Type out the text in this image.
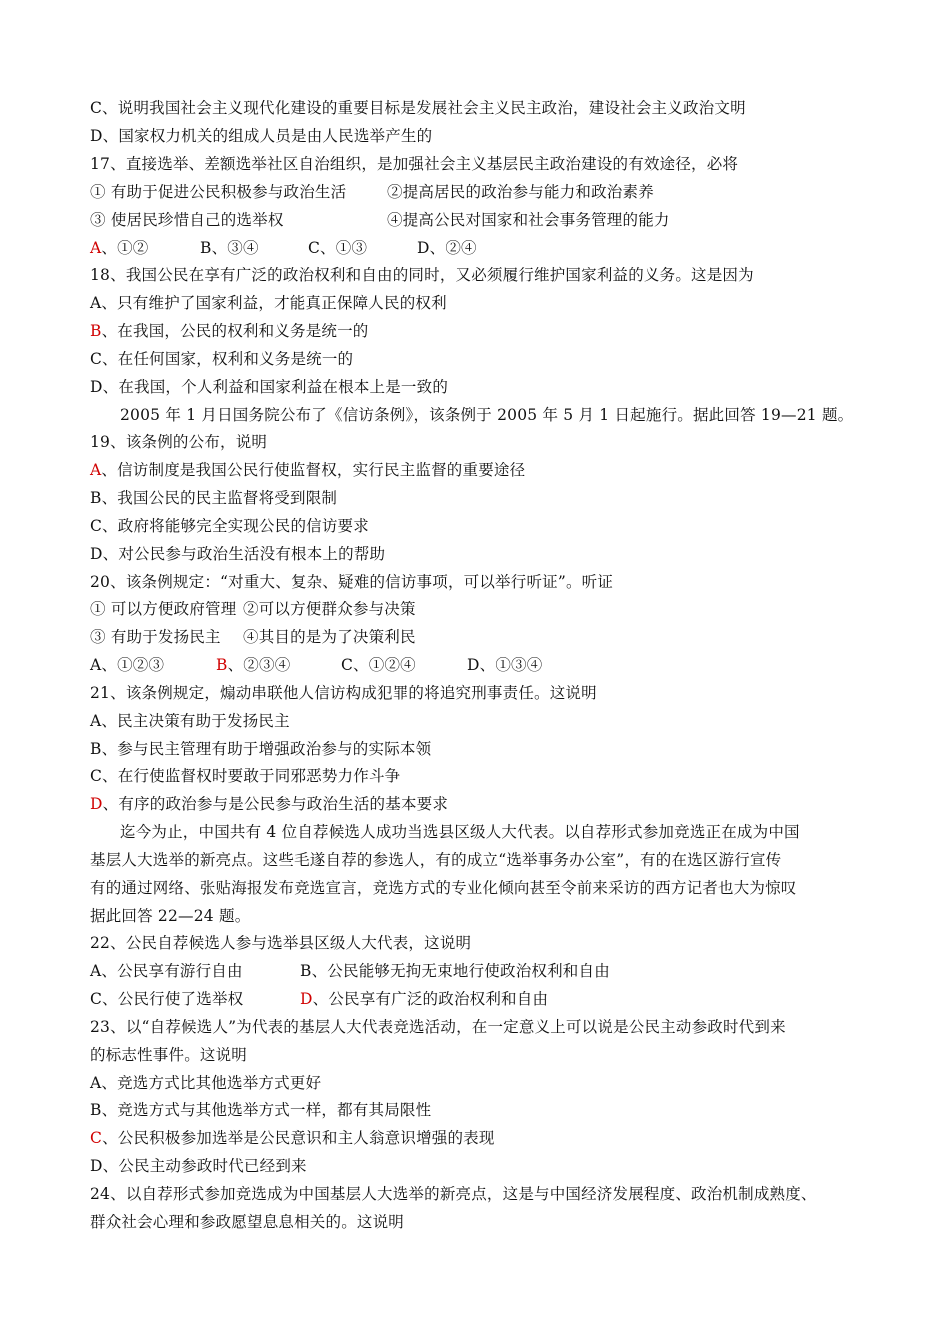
C、说明我国社会主义现代化建设的重要目标是发展社会主义民主政治，建设社会主义政治文明
D、国家权力机关的组成人员是由人民选举产生的
17、直接选举、差额选举社区自治组织，是加强社会主义基层民主政治建设的有效途径，必将
① 有助于促进公民积极参与政治生活	②提高居民的政治参与能力和政治素养
③ 使居民珍惜自己的选举权	④提高公民对国家和社会事务管理的能力
A、①②	B、③④	C、①③	D、②④
18、我国公民在享有广泛的政治权利和自由的同时，又必须履行维护国家利益的义务。这是因为
A、只有维护了国家利益，才能真正保障人民的权利
B、在我国，公民的权利和义务是统一的
C、在任何国家，权利和义务是统一的
D、在我国，个人利益和国家利益在根本上是一致的
2005 年 1 月日国务院公布了《信访条例》，该条例于 2005 年 5 月 1 日起施行。据此回答 19—21 题。
19、该条例的公布，说明
A、信访制度是我国公民行使监督权，实行民主监督的重要途径
B、我国公民的民主监督将受到限制
C、政府将能够完全实现公民的信访要求
D、对公民参与政治生活没有根本上的帮助
20、该条例规定：“对重大、复杂、疑难的信访事项，可以举行听证”。听证
① 可以方便政府管理 ②可以方便群众参与决策
③ 有助于发扬民主 ④其目的是为了决策利民
A、①②③	B、②③④	C、①②④	D、①③④
21、该条例规定，煽动串联他人信访构成犯罪的将追究刑事责任。这说明
A、民主决策有助于发扬民主
B、参与民主管理有助于增强政治参与的实际本领
C、在行使监督权时要敢于同邪恶势力作斗争
D、有序的政治参与是公民参与政治生活的基本要求
迄今为止，中国共有 4 位自荐候选人成功当选县区级人大代表。以自荐形式参加竞选正在成为中国
基层人大选举的新亮点。这些毛遂自荐的参选人，有的成立“选举事务办公室”，有的在选区游行宣传
有的通过网络、张贴海报发布竞选宣言，竞选方式的专业化倾向甚至令前来采访的西方记者也大为惊叹
据此回答 22—24 题。
22、公民自荐候选人参与选举县区级人大代表，这说明
A、公民享有游行自由	B、公民能够无拘无束地行使政治权利和自由
C、公民行使了选举权	D、公民享有广泛的政治权利和自由
23、以“自荐候选人”为代表的基层人大代表竞选活动，在一定意义上可以说是公民主动参政时代到来
的标志性事件。这说明
A、竞选方式比其他选举方式更好
B、竞选方式与其他选举方式一样，都有其局限性
C、公民积极参加选举是公民意识和主人翁意识增强的表现
D、公民主动参政时代已经到来
24、以自荐形式参加竞选成为中国基层人大选举的新亮点，这是与中国经济发展程度、政治机制成熟度、
群众社会心理和参政愿望息息相关的。这说明
